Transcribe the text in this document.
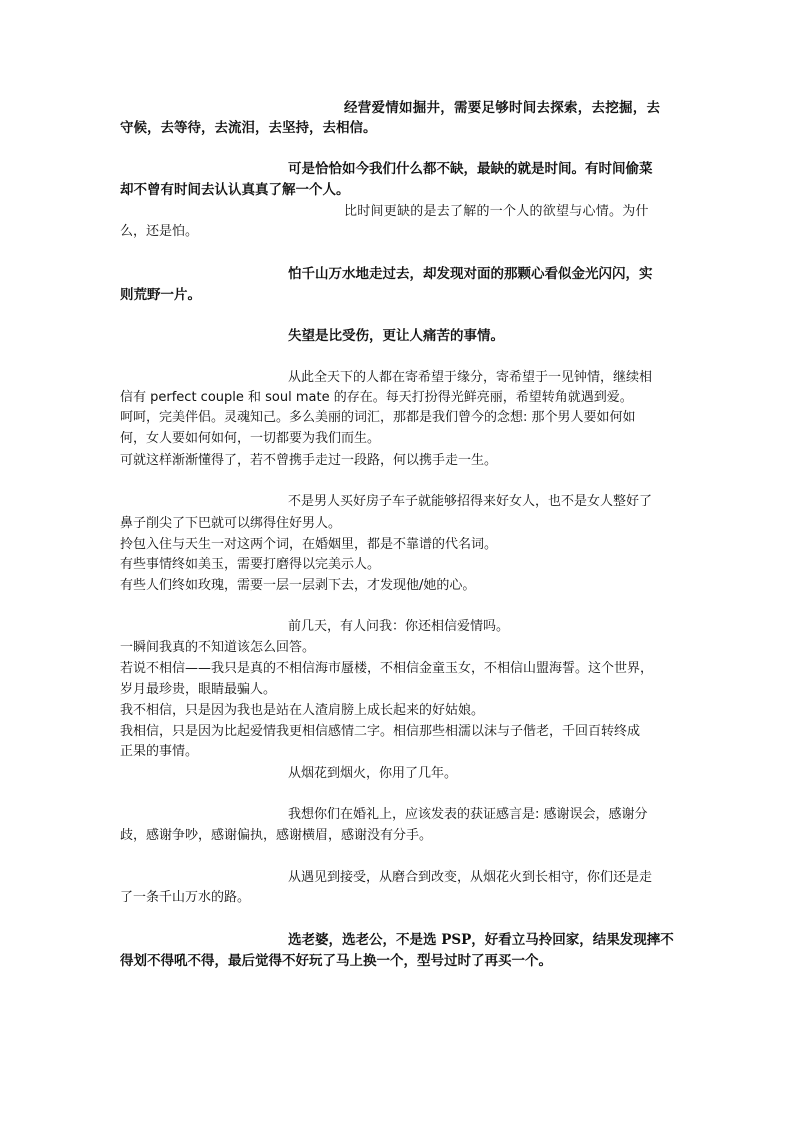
经营爱情如掘井，需要足够时间去探索，去挖掘，去
守候，去等待，去流泪，去坚持，去相信。
可是恰恰如今我们什么都不缺，最缺的就是时间。有时间偷菜
却不曾有时间去认认真真了解一个人。
比时间更缺的是去了解的一个人的欲望与心情。为什
么，还是怕。
怕千山万水地走过去，却发现对面的那颗心看似金光闪闪，实
则荒野一片。
失望是比受伤，更让人痛苦的事情。
从此全天下的人都在寄希望于缘分，寄希望于一见钟情，继续相
信有 perfect couple 和 soul mate 的存在。每天打扮得光鲜亮丽，希望转角就遇到爱。
呵呵，完美伴侣。灵魂知己。多么美丽的词汇，那都是我们曾今的念想: 那个男人要如何如
何，女人要如何如何，一切都要为我们而生。
可就这样渐渐懂得了，若不曾携手走过一段路，何以携手走一生。
不是男人买好房子车子就能够招得来好女人，也不是女人整好了
鼻子削尖了下巴就可以绑得住好男人。
拎包入住与天生一对这两个词，在婚姻里，都是不靠谱的代名词。
有些事情终如美玉，需要打磨得以完美示人。
有些人们终如玫瑰，需要一层一层剥下去，才发现他/她的心。
前几天，有人问我：你还相信爱情吗。
一瞬间我真的不知道该怎么回答。
若说不相信——我只是真的不相信海市蜃楼，不相信金童玉女，不相信山盟海誓。这个世界，
岁月最珍贵，眼睛最骗人。
我不相信，只是因为我也是站在人渣肩膀上成长起来的好姑娘。
我相信，只是因为比起爱情我更相信感情二字。相信那些相濡以沫与子偕老，千回百转终成
正果的事情。
从烟花到烟火，你用了几年。
我想你们在婚礼上，应该发表的获证感言是: 感谢误会，感谢分
歧，感谢争吵，感谢偏执，感谢横眉，感谢没有分手。
从遇见到接受，从磨合到改变，从烟花火到长相守，你们还是走
了一条千山万水的路。
选老婆，选老公，不是选 PSP，好看立马拎回家，结果发现摔不
得划不得吼不得，最后觉得不好玩了马上换一个，型号过时了再买一个。
